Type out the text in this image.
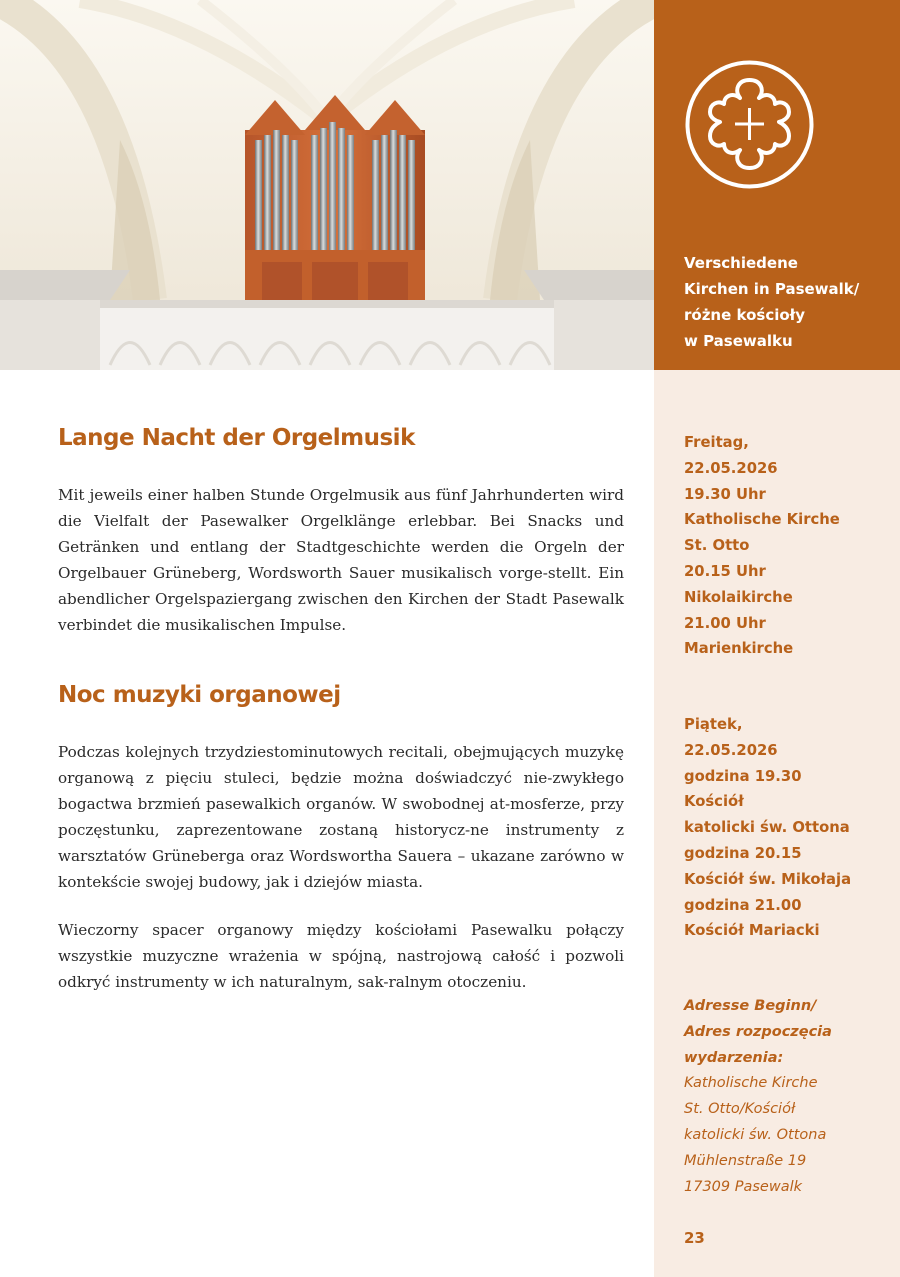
Verschiedene
Kirchen in Pasewalk/
różne kościoły
w Pasewalku
Lange Nacht der Orgelmusik

Mit jeweils einer halben Stunde Orgelmusik aus fünf Jahrhunderten wird die Vielfalt der Pasewalker Orgelklänge erlebbar. Bei Snacks und Getränken und entlang der Stadtgeschichte werden die Orgeln der Orgelbauer Grüneberg, Wordsworth Sauer musikalisch vorge-stellt. Ein abendlicher Orgelspaziergang zwischen den Kirchen der Stadt Pasewalk verbindet die musikalischen Impulse.

Noc muzyki organowej

Podczas kolejnych trzydziestominutowych recitali, obejmujących muzykę organową z pięciu stuleci, będzie można doświadczyć nie-zwykłego bogactwa brzmień pasewalkich organów. W swobodnej at-mosferze, przy poczęstunku, zaprezentowane zostaną historycz-ne instrumenty z warsztatów Grüneberga oraz Wordswortha Sauera – ukazane zarówno w kontekście swojej budowy, jak i dziejów miasta.

Wieczorny spacer organowy między kościołami Pasewalku połączy wszystkie muzyczne wrażenia w spójną, nastrojową całość i pozwoli odkryć instrumenty w ich naturalnym, sak-ralnym otoczeniu.

Freitag,
22.05.2026
19.30 Uhr
Katholische Kirche
St. Otto
20.15 Uhr
Nikolaikirche
21.00 Uhr
Marienkirche
Piątek,
22.05.2026
godzina 19.30
Kościół
katolicki św. Ottona
godzina 20.15
Kościół św. Mikołaja
godzina 21.00
Kościół Mariacki
Adresse Beginn/
Adres rozpoczęcia
wydarzenia:
Katholische Kirche
St. Otto/Kościół
katolicki św. Ottona
Mühlenstraße 19
17309 Pasewalk
23
